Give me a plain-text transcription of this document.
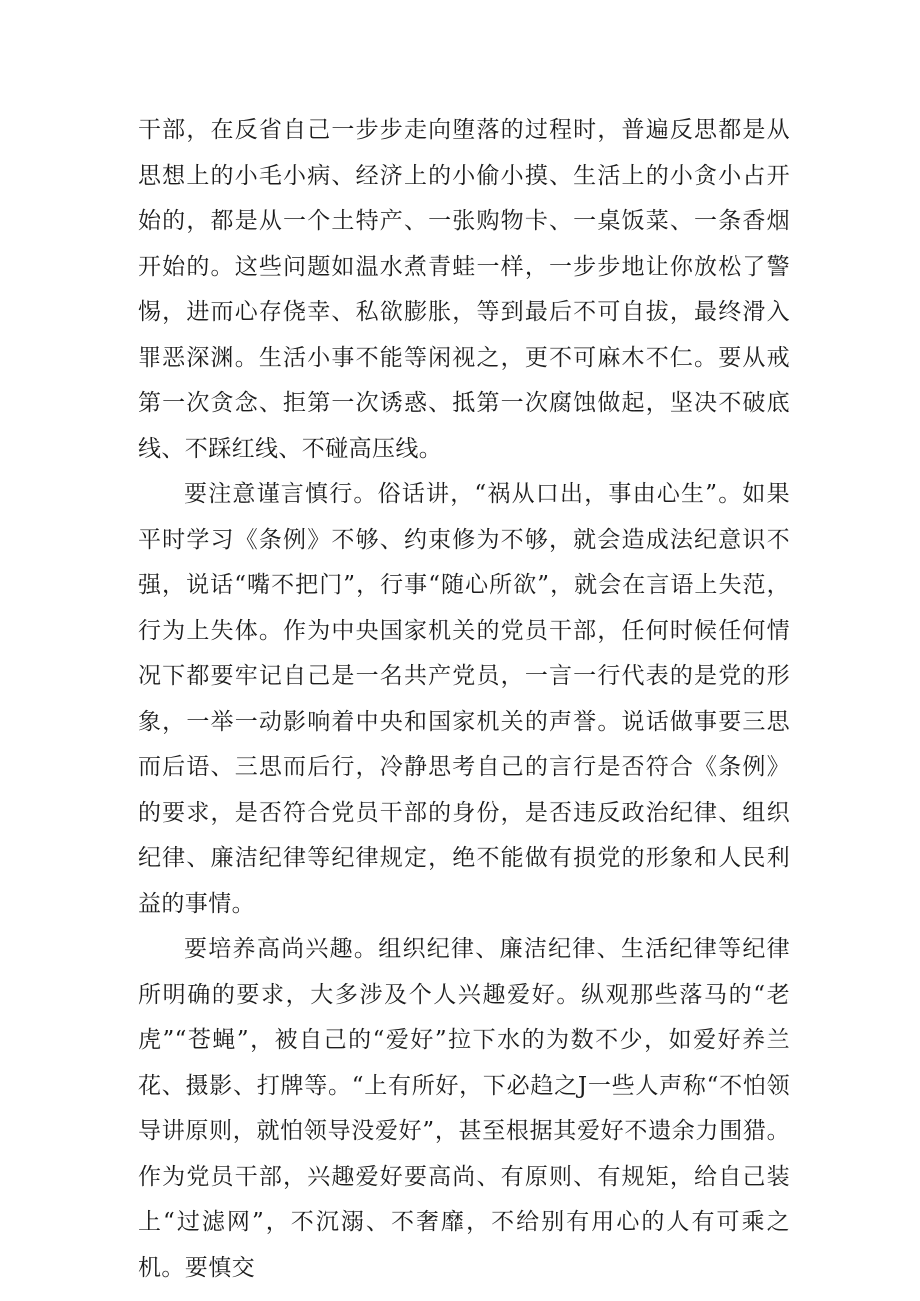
干部，在反省自己一步步走向堕落的过程时，普遍反思都是从思想上的小毛小病、经济上的小偷小摸、生活上的小贪小占开始的，都是从一个土特产、一张购物卡、一桌饭菜、一条香烟开始的。这些问题如温水煮青蛙一样，一步步地让你放松了警惕，进而心存侥幸、私欲膨胀，等到最后不可自拔，最终滑入罪恶深渊。生活小事不能等闲视之，更不可麻木不仁。要从戒第一次贪念、拒第一次诱惑、抵第一次腐蚀做起，坚决不破底线、不踩红线、不碰高压线。

要注意谨言慎行。俗话讲，“祸从口出，事由心生”。如果平时学习《条例》不够、约束修为不够，就会造成法纪意识不强，说话“嘴不把门”，行事“随心所欲”，就会在言语上失范，行为上失体。作为中央国家机关的党员干部，任何时候任何情况下都要牢记自己是一名共产党员，一言一行代表的是党的形象，一举一动影响着中央和国家机关的声誉。说话做事要三思而后语、三思而后行，冷静思考自己的言行是否符合《条例》的要求，是否符合党员干部的身份，是否违反政治纪律、组织纪律、廉洁纪律等纪律规定，绝不能做有损党的形象和人民利益的事情。

要培养高尚兴趣。组织纪律、廉洁纪律、生活纪律等纪律所明确的要求，大多涉及个人兴趣爱好。纵观那些落马的“老虎”“苍蝇”，被自己的“爱好”拉下水的为数不少，如爱好养兰花、摄影、打牌等。“上有所好，下必趋之J一些人声称“不怕领导讲原则，就怕领导没爱好”，甚至根据其爱好不遗余力围猎。作为党员干部，兴趣爱好要高尚、有原则、有规矩，给自己装上“过滤网”，不沉溺、不奢靡，不给别有用心的人有可乘之机。要慎交
